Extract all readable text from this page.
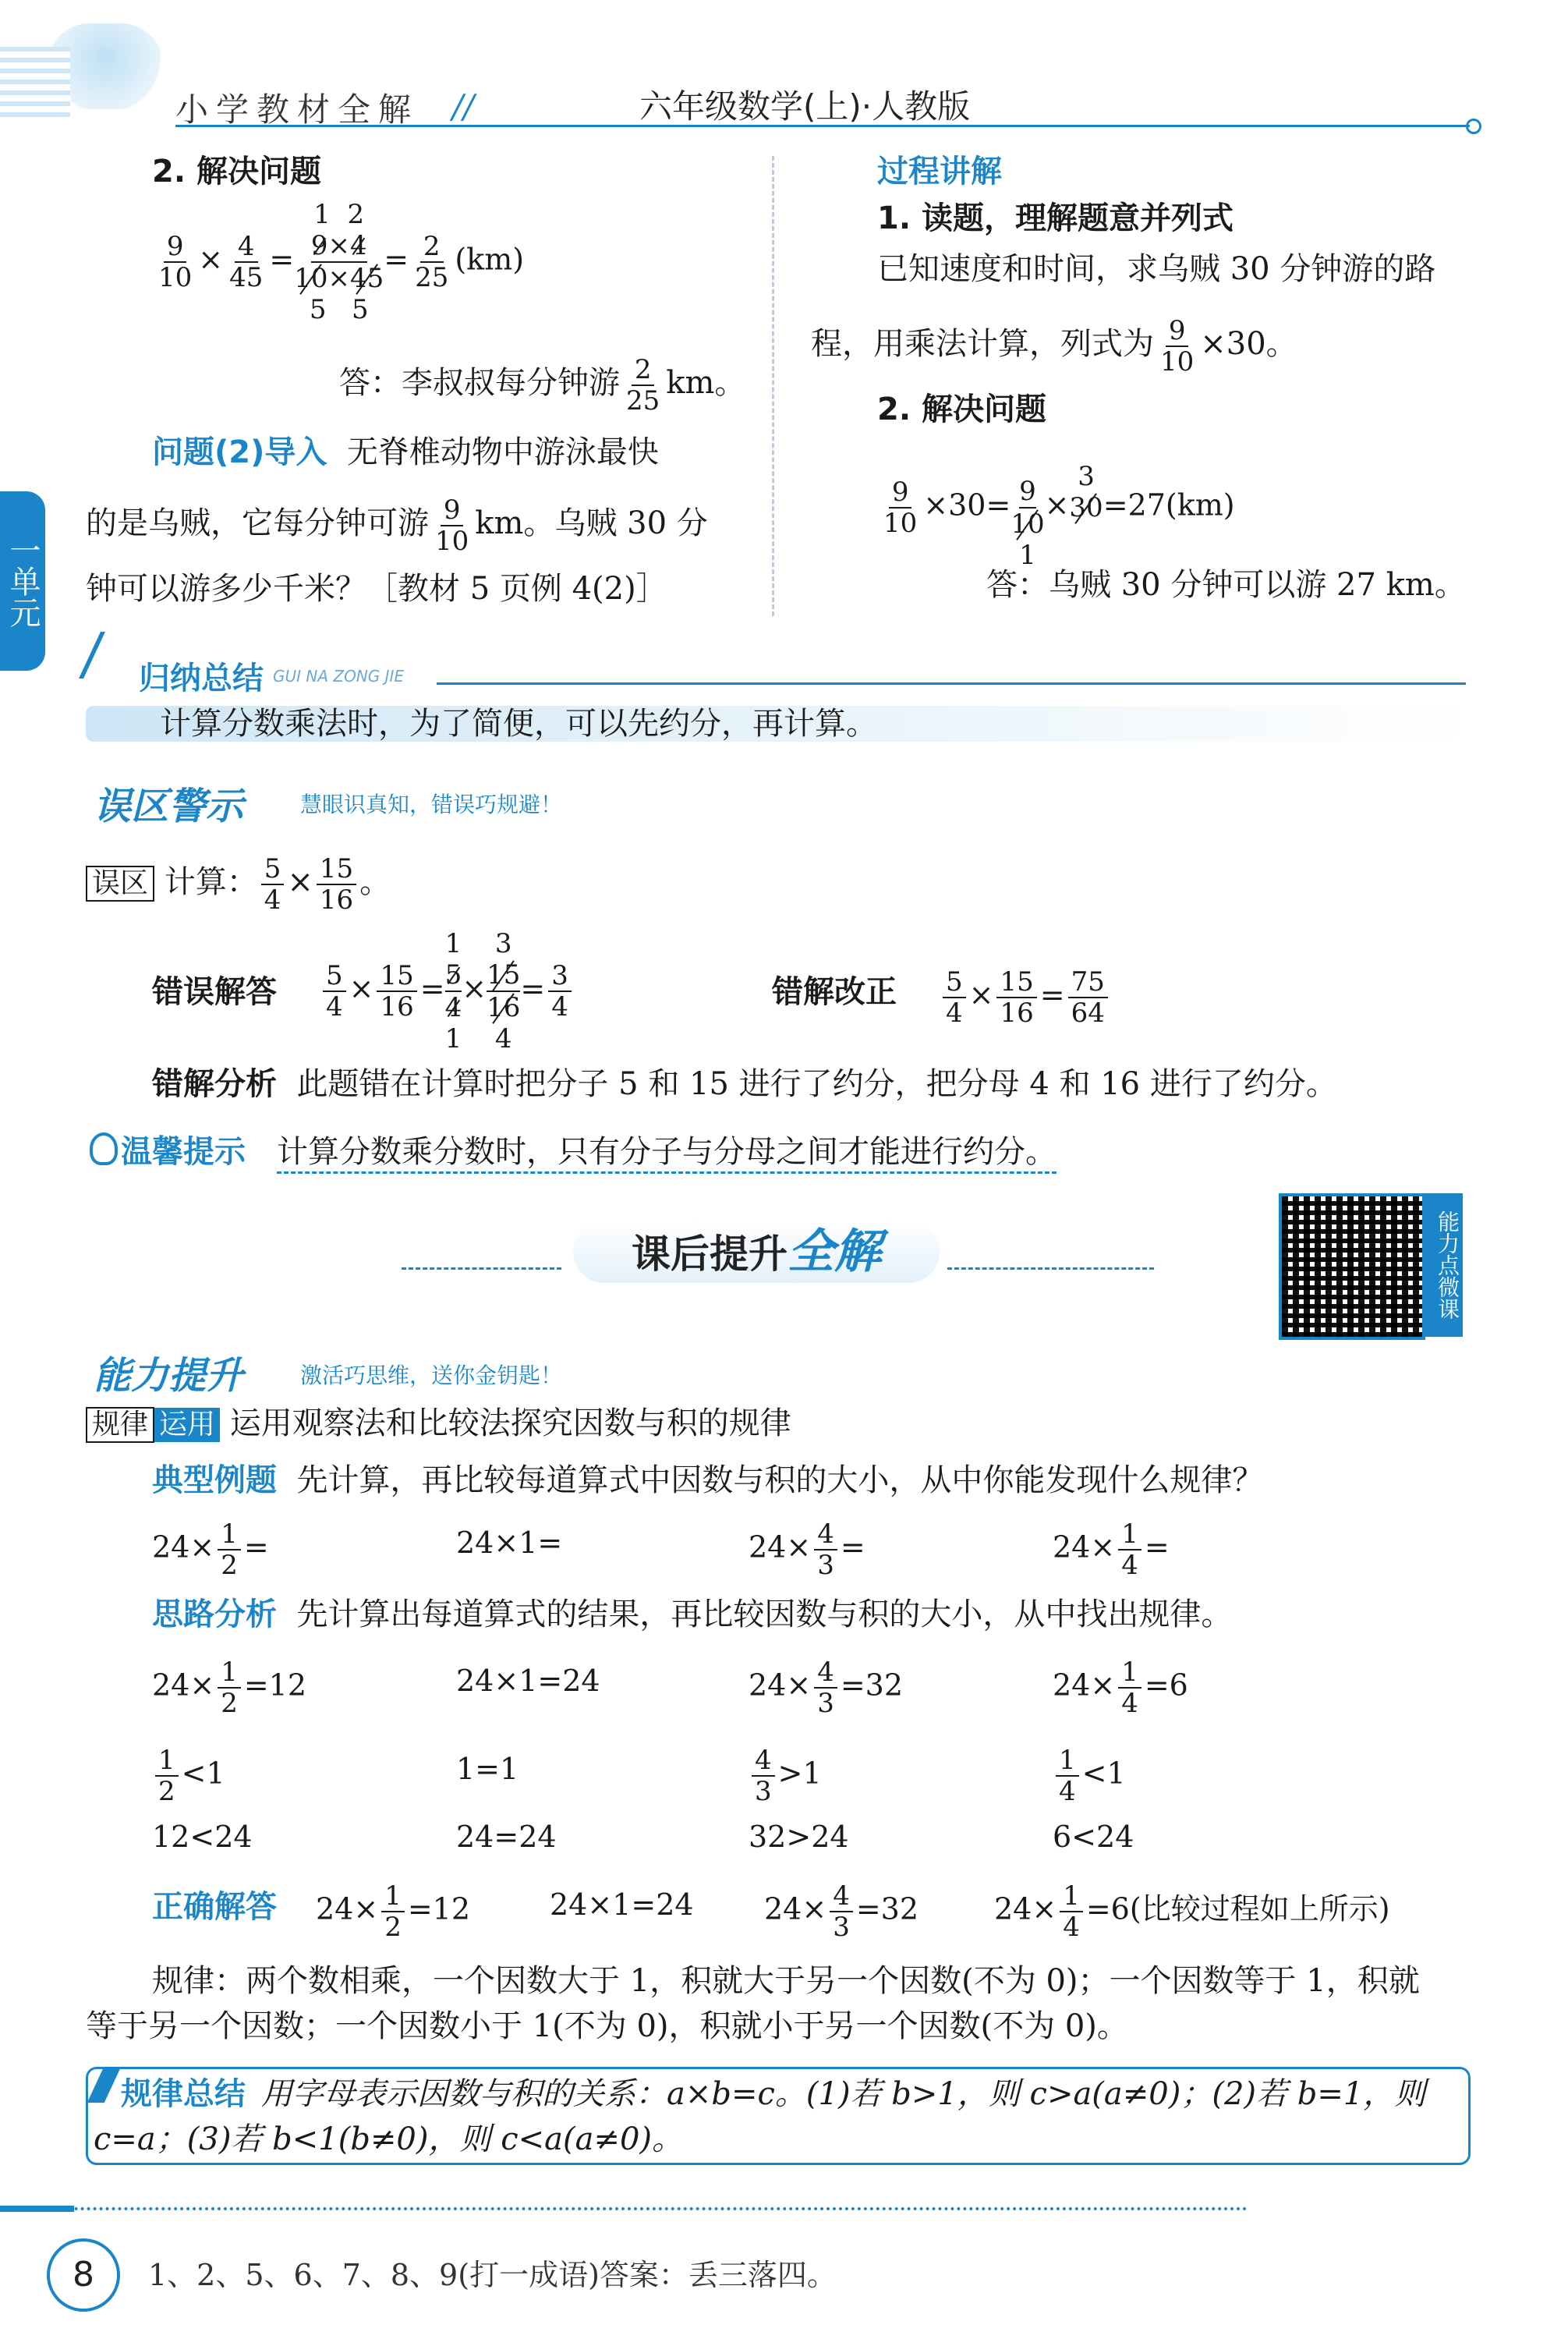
小学教材全解 //	六年级数学(上)·人教版
一单元
2. 解决问题
$\frac{9}{10} \times \frac{4}{45}$ =
1  2
9×4
10×45
5   5
= $\frac{2}{25} (km)$
答：李叔叔每分钟游 $\frac{2}{25}$ km。
问题(2)导入 无脊椎动物中游泳最快
的是乌贼，它每分钟可游 $\frac{9}{10}$ km。乌贼 30 分
钟可以游多少千米？［教材 5 页例 4(2)］
过程讲解
1. 读题，理解题意并列式
已知速度和时间，求乌贼 30 分钟游的路
程，用乘法计算，列式为 $\frac{9}{10} \times 30$。
2. 解决问题
$\frac{9}{10} \times 30=$
9
10
1
×
3
30
=27(km)
答：乌贼 30 分钟可以游 27 km。
归纳总结 GUI NA ZONG JIE
计算分数乘法时，为了简便，可以先约分，再计算。
误区警示	慧眼识真知，错误巧规避！
误区 计算： $\frac{5}{4} \times \frac{15}{16}$ 。
错误解答 $\frac{5}{4} \times \frac{15}{16}$ =
1
5
4
1
×
3
15
16
4
= $\frac{3}{4}$	错解改正 $\frac{5}{4} \times \frac{15}{16} = \frac{75}{64}$
错解分析 此题错在计算时把分子 5 和 15 进行了约分，把分母 4 和 16 进行了约分。
温馨提示 计算分数乘分数时，只有分子与分母之间才能进行约分。
课后提升全解	能力点微课
能力提升	激活巧思维，送你金钥匙！
规律 运用 运用观察法和比较法探究因数与积的规律
典型例题 先计算，再比较每道算式中因数与积的大小，从中你能发现什么规律？
$24\times \frac{1}{2}$ =	24×1=	$24\times \frac{4}{3}$ =	$24\times \frac{1}{4}$ =
思路分析 先计算出每道算式的结果，再比较因数与积的大小，从中找出规律。
$24\times \frac{1}{2} =12$	24×1=24	$24\times \frac{4}{3} =32$	$24\times \frac{1}{4} =6$
$\frac{1}{2} <1$	1=1	$\frac{4}{3} >1$	$\frac{1}{4} <1$
12<24	24=24	32>24	6<24
正确解答 $24\times \frac{1}{2} =12$	24×1=24 $24\times \frac{4}{3} =32$	$24\times \frac{1}{4} =6$(比较过程如上所示)
规律：两个数相乘，一个因数大于 1，积就大于另一个因数(不为 0)；一个因数等于 1，积就
等于另一个因数；一个因数小于 1(不为 0)，积就小于另一个因数(不为 0)。
规律总结 用字母表示因数与积的关系：a×b=c。(1)若 b>1，则 c>a(a≠0)；(2)若 b=1，则
c=a；(3)若 b<1(b≠0)，则 c<a(a≠0)。
8	1、2、5、6、7、8、9(打一成语)答案：丢三落四。
